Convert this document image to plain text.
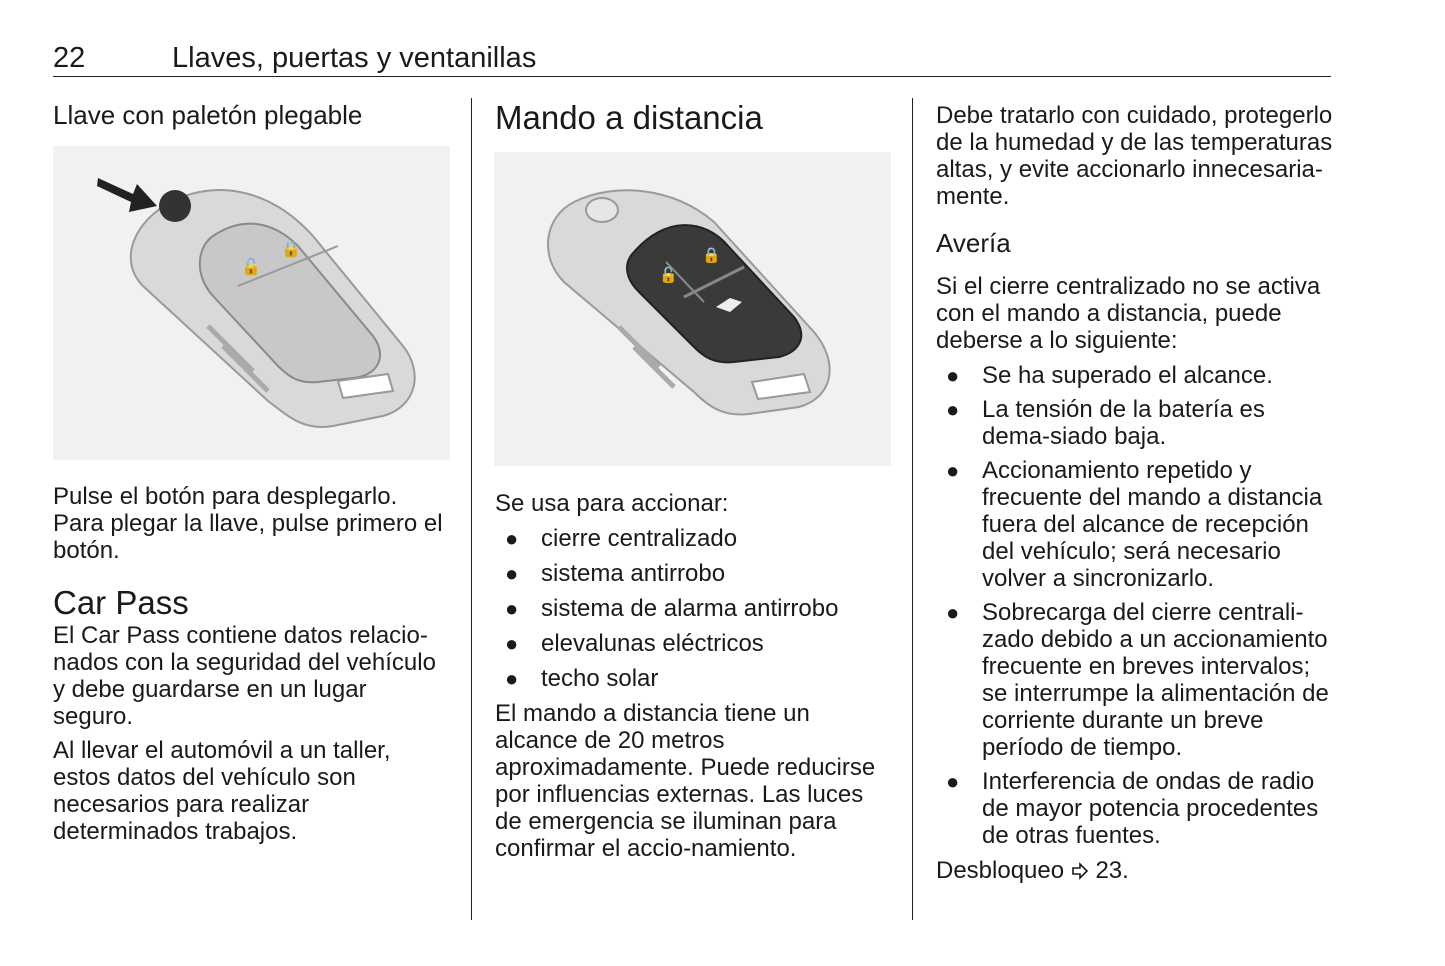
22	Llaves, puertas y ventanillas

Llave con paletón plegable

🔓
🔒

Pulse el botón para desplegarlo. Para plegar la llave, pulse primero el botón.

Car Pass

El Car Pass contiene datos relacio-nados con la seguridad del vehículo y debe guardarse en un lugar seguro.

Al llevar el automóvil a un taller, estos datos del vehículo son necesarios para realizar determinados trabajos.

Mando a distancia
🔓
🔒

Se usa para accionar:

● cierre centralizado
● sistema antirrobo
● sistema de alarma antirrobo
● elevalunas eléctricos
● techo solar

El mando a distancia tiene un alcance de 20 metros aproximadamente. Puede reducirse por influencias externas. Las luces de emergencia se iluminan para confirmar el accio-namiento.

Debe tratarlo con cuidado, protegerlo de la humedad y de las temperaturas altas, y evite accionarlo innecesaria-mente.

Avería

Si el cierre centralizado no se activa con el mando a distancia, puede deberse a lo siguiente:

● Se ha superado el alcance.
● La tensión de la batería es dema-siado baja.
● Accionamiento repetido y frecuente del mando a distancia fuera del alcance de recepción del vehículo; será necesario volver a sincronizarlo.
● Sobrecarga del cierre centrali-zado debido a un accionamiento frecuente en breves intervalos; se interrumpe la alimentación de corriente durante un breve período de tiempo.
● Interferencia de ondas de radio de mayor potencia procedentes de otras fuentes.

Desbloqueo 23.
